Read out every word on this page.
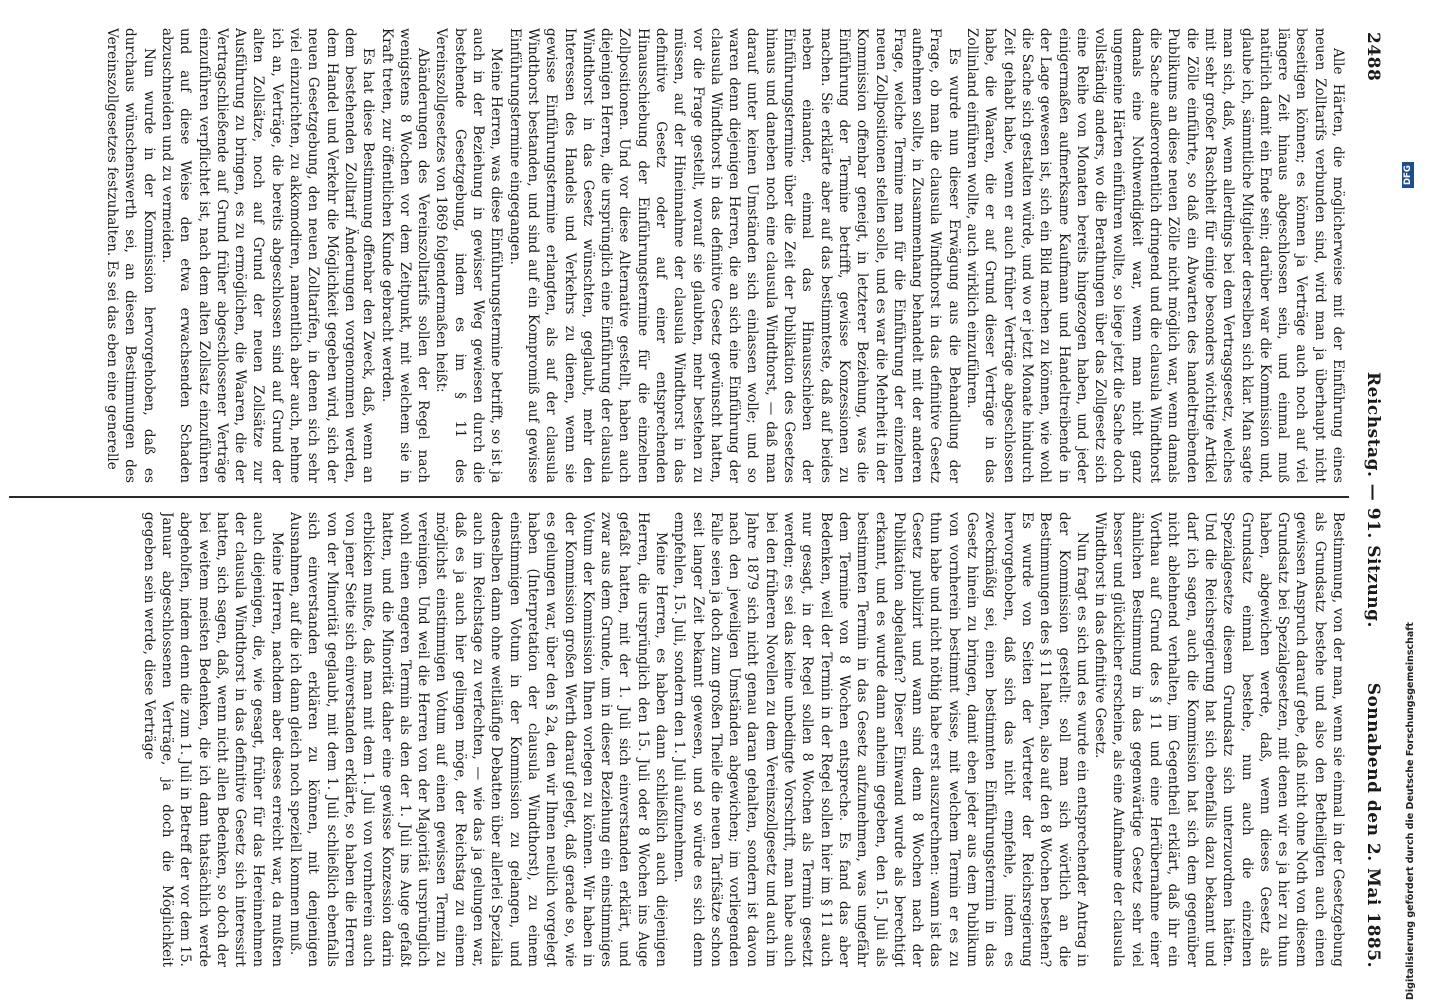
2488
Reichstag. — 91. Sitzung.
Sonnabend den 2. Mai 1885.

Alle Härten, die möglicherweise mit der Einführung eines neuen Zolltarifs verbunden sind, wird man ja überhaupt nicht beseitigen können; es können ja Verträge auch noch auf viel längere Zeit hinaus abgeschlossen sein, und einmal muß natürlich damit ein Ende sein; darüber war die Kommission und, glaube ich, sämmtliche Mitglieder derselben sich klar. Man sagte man sich, daß, wenn allerdings bei dem Vertragsgesetz, welches mit sehr großer Raschheit für einige besonders wichtige Artikel die Zölle einführte, so daß ein Abwarten des handeltreibenden Publikums an diese neuen Zölle nicht möglich war, wenn damals die Sache außerordentlich dringend und die clausula Windthorst damals eine Nothwendigkeit war, wenn man nicht ganz ungemeine Härten einführen wollte, so liege jetzt die Sache doch vollständig anders, wo die Berathungen über das Zollgesetz sich eine Reihe von Monaten bereits hingezogen haben, und jeder einigermaßen aufmerksame Kaufmann und Handeltreibende in der Lage gewesen ist, sich ein Bild machen zu können, wie wohl die Sache sich gestalten würde, und wo er jetzt Monate hindurch Zeit gehabt habe, wenn er auch früher Verträge abgeschlossen habe, die Waaren, die er auf Grund dieser Verträge in das Zollinland einführen wollte, auch wirklich einzuführen.

Es wurde nun dieser Erwägung aus die Behandlung der Frage, ob man die clausula Windthorst in das definitive Gesetz aufnehmen sollte, in Zusammenhang behandelt mit der anderen Frage, welche Termine man für die Einführung der einzelnen neuen Zollpositionen stellen solle, und es war die Mehrheit in der Kommission offenbar geneigt, in letzterer Beziehung, was die Einführung der Termine betrifft, gewisse Konzessionen zu machen. Sie erklärte aber auf das bestimmteste, daß auf beides neben einander, einmal das Hinausschieben der Einführungstermine über die Zeit der Publikation des Gesetzes hinaus und daneben noch eine clausula Windthorst, — daß man darauf unter keinen Umständen sich einlassen wolle; und so waren denn diejenigen Herren, die an sich eine Einführung der clausula Windthorst in das definitive Gesetz gewünscht hatten, vor die Frage gestellt, worauf sie glaubten, mehr bestehen zu müssen, auf der Hineinnahme der clausula Windthorst in das definitive Gesetz oder auf einer entsprechenden Hinausschiebung der Einführungstermine für die einzelnen Zollpositionen. Und vor diese Alternative gestellt, haben auch diejenigen Herren, die ursprünglich eine Einführung der clausula Windthorst in das Gesetz wünschten, geglaubt, mehr den Interessen des Handels und Verkehrs zu dienen, wenn sie gewisse Einführungstermine erlangten, als auf der clausula Windthorst bestanden, und sind auf ein Kompromiß auf gewisse Einführungstermine eingegangen.

Meine Herren, was diese Einführungstermine betrifft, so ist ja auch in der Beziehung in gewisser Weg gewiesen durch die bestehende Gesetzgebung, indem es im § 11 des Vereinszollgesetzes von 1869 folgendermaßen heißt:

Abänderungen des Vereinszolltarifs sollen der Regel nach wenigstens 8 Wochen vor dem Zeitpunkt, mit welchem sie in Kraft treten, zur öffentlichen Kunde gebracht werden.

Es hat diese Bestimmung offenbar den Zweck, daß, wenn an dem bestehenden Zolltarif Änderungen vorgenommen werden, dem Handel und Verkehr die Möglichkeit gegeben wird, sich der neuen Gesetzgebung, den neuen Zolltarifen, in denen sich sehr viel einzurichten, zu akkomodiren, namentlich aber auch, nehme ich an, Verträge, die bereits abgeschlossen sind auf Grund der alten Zollsätze, noch auf Grund der neuen Zollsätze zur Ausführung zu bringen, es zu ermöglichen, die Waaren, die der Vertragschließende auf Grund früher abgeschlossener Verträge einzuführen verpflichtet ist, nach dem alten Zollsatz einzuführen und auf diese Weise den etwa erwachsenden Schaden abzuschneiden und zu vermeiden.

Nun wurde in der Kommission hervorgehoben, daß es durchaus wünschenswerth sei, an diesen Bestimmungen des Vereinszollgesetzes festzuhalten. Es sei das eben eine generelle

Bestimmung, von der man, wenn sie einmal in der Gesetzgebung als Grundsatz bestehe und also den Betheiligten auch einen gewissen Anspruch darauf gebe, daß nicht ohne Noth von diesem Grundsatz bei Spezialgesetzen, mit denen wir es ja hier zu thun haben, abgewichen werde, daß, wenn dieses Gesetz als Grundsatz einmal bestehe, nun auch die einzelnen Spezialgesetze diesem Grundsatz sich unterzuordnen hätten. Und die Reichsregierung hat sich ebenfalls dazu bekannt und darf ich sagen, auch die Kommission hat sich dem gegenüber nicht ablehnend verhalten, im Gegentheil erklärt, daß ihr ein Vorthau auf Grund des § 11 und eine Herübernahme einer ähnlichen Bestimmung in das gegenwärtige Gesetz sehr viel besser und glücklicher erscheine, als eine Aufnahme der clausula Windthorst in das definitive Gesetz.

Nun fragt es sich und es wurde ein entsprechender Antrag in der Kommission gestellt: soll man sich wörtlich an die Bestimmungen des § 11 halten, also auf den 8 Wochen bestehen? Es wurde von Seiten der Vertreter der Reichsregierung hervorgehoben, daß sich das nicht empfehle, indem es zweckmäßig sei, einen bestimmten Einführungstermin in das Gesetz hinein zu bringen, damit eben jeder aus dem Publikum von vornherein bestimmt wisse, mit welchem Termin er es zu thun habe und nicht nöthig habe erst auszurechnen: wann ist das Gesetz publizirt und wann sind denn 8 Wochen nach der Publikation abgelaufen? Dieser Einwand wurde als berechtigt erkannt, und es wurde dann anheim gegeben, den 15. Juli als bestimmten Termin in das Gesetz aufzunehmen, was ungefähr dem Termine von 8 Wochen entspreche. Es fand das aber Bedenken, weil der Termin in der Regel sollen hier im § 11 auch nur gesagt, in der Regel sollen 8 Wochen als Termin gesetzt werden; es sei das keine unbedingte Vorschrift, man habe auch bei den früheren Novellen zu dem Vereinszollgesetz und auch im Jahre 1879 sich nicht genau daran gehalten, sondern ist davon nach den jeweiligen Umständen abgewichen; im vorliegenden Falle seien ja doch zum großen Theile die neuen Tarifsätze schon seit langer Zeit bekannt gewesen, und so würde es sich denn empfehlen, 15. Juli, sondern den 1. Juli aufzunehmen.

Meine Herren, es haben dann schließlich auch diejenigen Herren, die ursprünglich den 15. Juli oder 8 Wochen ins Auge gefaßt hatten, mit der 1. Juli sich einverstanden erklärt, und zwar aus dem Grunde, um in dieser Beziehung ein einstimmiges Votum der Kommission Ihnen vorlegen zu können. Wir haben in der Kommission großen Werth darauf gelegt, daß gerade so, wie es gelungen war, über den § 2a, den wir Ihnen neulich vorgelegt haben (Interpretation der clausula Windthorst), zu einem einstimmigen Votum in der Kommission zu gelangen, und denselben dann ohne weitläufige Debatten über allerlei Spezialia auch im Reichstage zu verfechten, — wie das ja gelungen war, daß es ja auch hier gelingen möge, der Reichstag zu einem möglichst einstimmigen Votum auf einen gewissen Termin zu vereinigen. Und weil die Herren von der Majorität ursprünglich wohl einen engeren Termin als den der 1. Juli ins Auge gefaßt hatten, und die Minorität daher eine gewisse Konzession darin erblicken mußte, daß man mit dem 1. Juli von vornherein auch von jener Seite sich einverstanden erklärte, so haben die Herren von der Minorität geglaubt, mit dem 1. Juli schließlich ebenfalls sich einverstanden erklären zu können, mit denjenigen Ausnahmen, auf die ich dann gleich noch speziell kommen muß.

Meine Herren, nachdem aber dieses erreicht war, da mußten auch diejenigen, die, wie gesagt, früher für das Hereinnehmen der clausula Windthorst in das definitive Gesetz sich interessirt hatten, sich sagen, daß, wenn nicht allen Bedenken, so doch der bei weitem meisten Bedenken, die ich dann thatsächlich werde abgeholfen, indem denn die zum 1. Juli in Betreff der vor dem 15. Januar abgeschlossenen Verträge, ja doch die Möglichkeit gegeben sein werde, diese Verträge	Digitalisierung gefördert durch die Deutsche Forschungsgemeinschaft
DFG
